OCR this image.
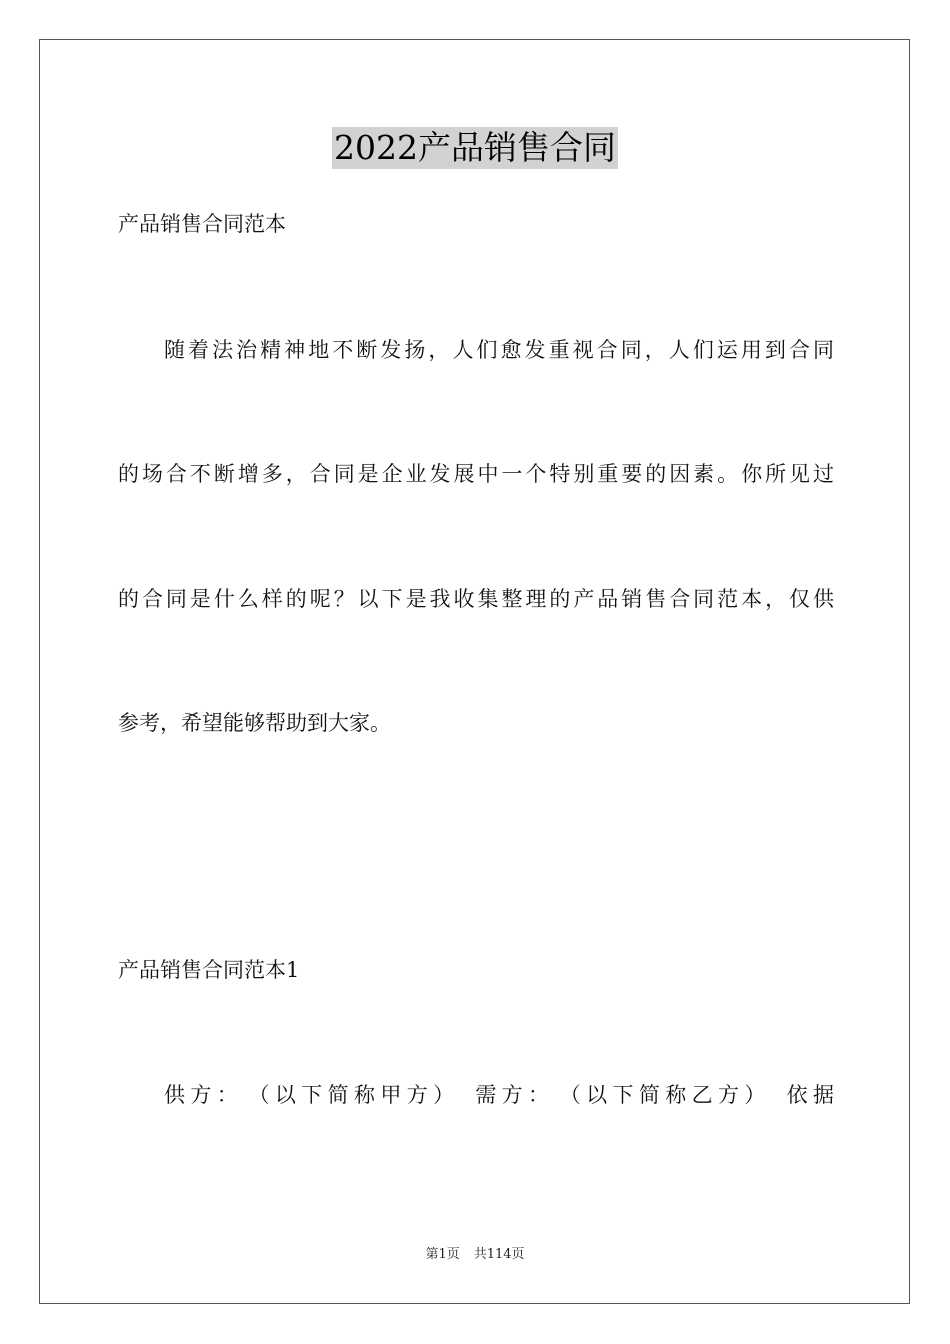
2022产品销售合同
产品销售合同范本
随着法治精神地不断发扬，人们愈发重视合同，人们运用到合同
的场合不断增多，合同是企业发展中一个特别重要的因素。你所见过
的合同是什么样的呢？以下是我收集整理的产品销售合同范本，仅供
参考，希望能够帮助到大家。
产品销售合同范本1
供方：　（以下简称甲方）　需方：　（以下简称乙方）　依据
第1页 共114页
